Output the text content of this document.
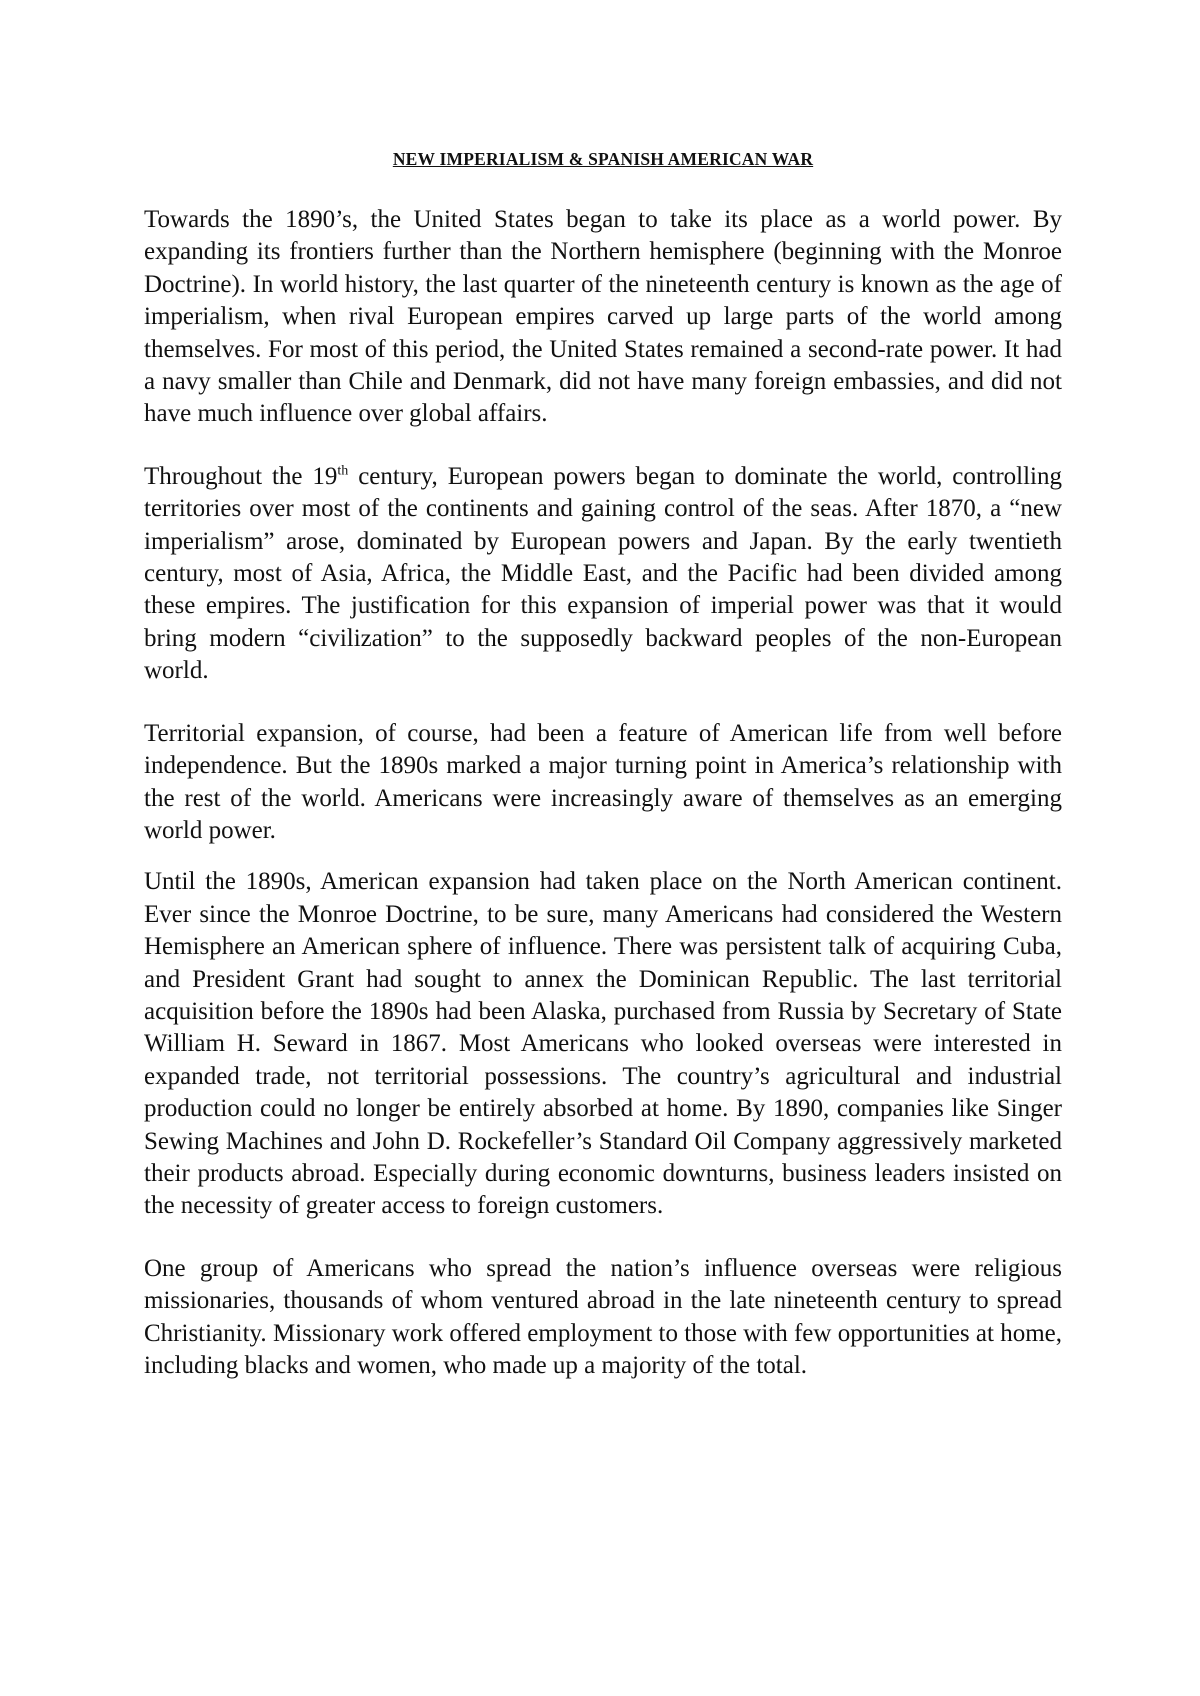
NEW IMPERIALISM & SPANISH AMERICAN WAR

Towards the 1890’s, the United States began to take its place as a world power. By expanding its frontiers further than the Northern hemisphere (beginning with the Monroe Doctrine). In world history, the last quarter of the nineteenth century is known as the age of imperialism, when rival European empires carved up large parts of the world among themselves. For most of this period, the United States remained a second-rate power. It had a navy smaller than Chile and Denmark, did not have many foreign embassies, and did not have much influence over global affairs.

Throughout the 19th century, European powers began to dominate the world, controlling territories over most of the continents and gaining control of the seas. After 1870, a “new imperialism” arose, dominated by European powers and Japan. By the early twentieth century, most of Asia, Africa, the Middle East, and the Pacific had been divided among these empires. The justification for this expansion of imperial power was that it would bring modern “civilization” to the supposedly backward peoples of the non-European world.

Territorial expansion, of course, had been a feature of American life from well before independence. But the 1890s marked a major turning point in America’s relationship with the rest of the world. Americans were increasingly aware of themselves as an emerging world power.

Until the 1890s, American expansion had taken place on the North American continent. Ever since the Monroe Doctrine, to be sure, many Americans had considered the Western Hemisphere an American sphere of influence. There was persistent talk of acquiring Cuba, and President Grant had sought to annex the Dominican Republic. The last territorial acquisition before the 1890s had been Alaska, purchased from Russia by Secretary of State William H. Seward in 1867. Most Americans who looked overseas were interested in expanded trade, not territorial possessions. The country’s agricultural and industrial production could no longer be entirely absorbed at home. By 1890, companies like Singer Sewing Machines and John D. Rockefeller’s Standard Oil Company aggressively marketed their products abroad. Especially during economic downturns, business leaders insisted on the necessity of greater access to foreign customers.

One group of Americans who spread the nation’s influence overseas were religious missionaries, thousands of whom ventured abroad in the late nineteenth century to spread Christianity. Missionary work offered employment to those with few opportunities at home, including blacks and women, who made up a majority of the total.
